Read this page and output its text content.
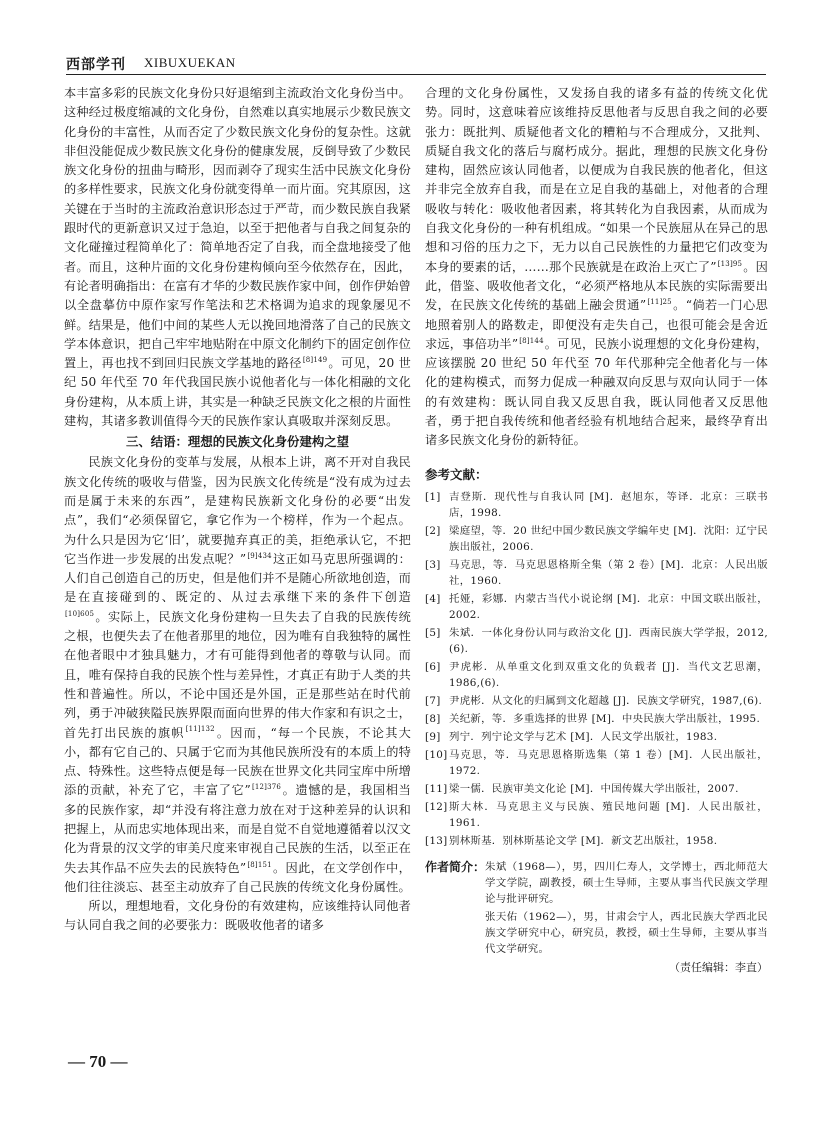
西部学刊 XIBUXUEKAN

本丰富多彩的民族文化身份只好退缩到主流政治文化身份当中。这种经过极度缩减的文化身份，自然难以真实地展示少数民族文化身份的丰富性，从而否定了少数民族文化身份的复杂性。这就非但没能促成少数民族文化身份的健康发展，反倒导致了少数民族文化身份的扭曲与畸形，因而剥夺了现实生活中民族文化身份的多样性要求，民族文化身份就变得单一而片面。究其原因，这关键在于当时的主流政治意识形态过于严苛，而少数民族自我紧跟时代的更新意识又过于急迫，以至于把他者与自我之间复杂的文化碰撞过程简单化了：简单地否定了自我，而全盘地接受了他者。而且，这种片面的文化身份建构倾向至今依然存在，因此，有论者明确指出：在富有才华的少数民族作家中间，创作伊始曾以全盘摹仿中原作家写作笔法和艺术格调为追求的现象屡见不鲜。结果是，他们中间的某些人无以挽回地滑落了自己的民族文学本体意识，把自己牢牢地贴附在中原文化制约下的固定创作位置上，再也找不到回归民族文学基地的路径$^{[8]149}$。可见，20 世纪 50 年代至 70 年代我国民族小说他者化与一体化相融的文化身份建构，从本质上讲，其实是一种缺乏民族文化之根的片面性建构，其诸多教训值得今天的民族作家认真吸取并深刻反思。

三、结语：理想的民族文化身份建构之望

民族文化身份的变革与发展，从根本上讲，离不开对自我民族文化传统的吸收与借鉴，因为民族文化传统是“没有成为过去而是属于未来的东西”，是建构民族新文化身份的必要“出发点”，我们“必须保留它，拿它作为一个榜样，作为一个起点。为什么只是因为它‘旧’，就要抛弃真正的美，拒绝承认它，不把它当作进一步发展的出发点呢？”$^{[9]434}$这正如马克思所强调的：人们自己创造自己的历史，但是他们并不是随心所欲地创造，而是在直接碰到的、既定的、从过去承继下来的条件下创造$^{[10]605}$。实际上，民族文化身份建构一旦失去了自我的民族传统之根，也便失去了在他者那里的地位，因为唯有自我独特的属性在他者眼中才独具魅力，才有可能得到他者的尊敬与认同。而且，唯有保持自我的民族个性与差异性，才真正有助于人类的共性和普遍性。所以，不论中国还是外国，正是那些站在时代前列，勇于冲破狭隘民族界限而面向世界的伟大作家和有识之士，首先打出民族的旗帜$^{[11]132}$。因而，“每一个民族，不论其大小，都有它自己的、只属于它而为其他民族所没有的本质上的特点、特殊性。这些特点便是每一民族在世界文化共同宝库中所增添的贡献，补充了它，丰富了它”$^{[12]376}$。遗憾的是，我国相当多的民族作家，却“并没有将注意力放在对于这种差异的认识和把握上，从而忠实地体现出来，而是自觉不自觉地遵循着以汉文化为背景的汉文学的审美尺度来审视自己民族的生活，以至正在失去其作品不应失去的民族特色”$^{[8]151}$。因此，在文学创作中，他们往往淡忘、甚至主动放弃了自己民族的传统文化身份属性。

所以，理想地看，文化身份的有效建构，应该维持认同他者与认同自我之间的必要张力：既吸收他者的诸多

合理的文化身份属性，又发扬自我的诸多有益的传统文化优势。同时，这意味着应该维持反思他者与反思自我之间的必要张力：既批判、质疑他者文化的糟粕与不合理成分，又批判、质疑自我文化的落后与腐朽成分。据此，理想的民族文化身份建构，固然应该认同他者，以便成为自我民族的他者化，但这并非完全放弃自我，而是在立足自我的基础上，对他者的合理吸收与转化：吸收他者因素，将其转化为自我因素，从而成为自我文化身份的一种有机组成。“如果一个民族屈从在异己的思想和习俗的压力之下，无力以自己民族性的力量把它们改变为本身的要素的话，……那个民族就是在政治上灭亡了”$^{[13]95}$。因此，借鉴、吸收他者文化，“必须严格地从本民族的实际需要出发，在民族文化传统的基础上融会贯通”$^{[11]25}$。“倘若一门心思地照着别人的路数走，即便没有走失自己，也很可能会是舍近求远，事倍功半”$^{[8]144}$。可见，民族小说理想的文化身份建构，应该摆脱 20 世纪 50 年代至 70 年代那种完全他者化与一体化的建构模式，而努力促成一种融双向反思与双向认同于一体的有效建构：既认同自我又反思自我，既认同他者又反思他者，勇于把自我传统和他者经验有机地结合起来，最终孕育出诸多民族文化身份的新特征。

参考文献：
[1] 吉登斯．现代性与自我认同 [M]．赵旭东，等译．北京：三联书店，1998.
[2] 梁庭望，等．20 世纪中国少数民族文学编年史 [M]．沈阳：辽宁民族出版社，2006.
[3] 马克思，等．马克思恩格斯全集（第 2 卷）[M]．北京：人民出版社，1960.
[4] 托娅，彩娜．内蒙古当代小说论纲 [M]．北京：中国文联出版社，2002.
[5] 朱斌．一体化身份认同与政治文化 [J]．西南民族大学学报，2012,(6).
[6] 尹虎彬．从单重文化到双重文化的负载者 [J]．当代文艺思潮，1986,(6).
[7] 尹虎彬．从文化的归属到文化超越 [J]．民族文学研究，1987,(6).
[8] 关纪新，等．多重选择的世界 [M]．中央民族大学出版社，1995.
[9] 列宁．列宁论文学与艺术 [M]．人民文学出版社，1983.
[10] 马克思，等．马克思恩格斯选集（第 1 卷）[M]．人民出版社，1972.
[11] 梁一儒．民族审美文化论 [M]．中国传媒大学出版社，2007.
[12] 斯大林．马克思主义与民族、殖民地问题 [M]．人民出版社，1961.
[13] 别林斯基．别林斯基论文学 [M]．新文艺出版社，1958.
作者简介： 朱斌（1968—），男，四川仁寿人，文学博士，西北师范大学文学院，副教授，硕士生导师，主要从事当代民族文学理论与批评研究。

张天佑（1962—），男，甘肃会宁人，西北民族大学西北民族文学研究中心，研究员，教授，硕士生导师，主要从事当代文学研究。

（责任编辑：李直）

— 70 —
